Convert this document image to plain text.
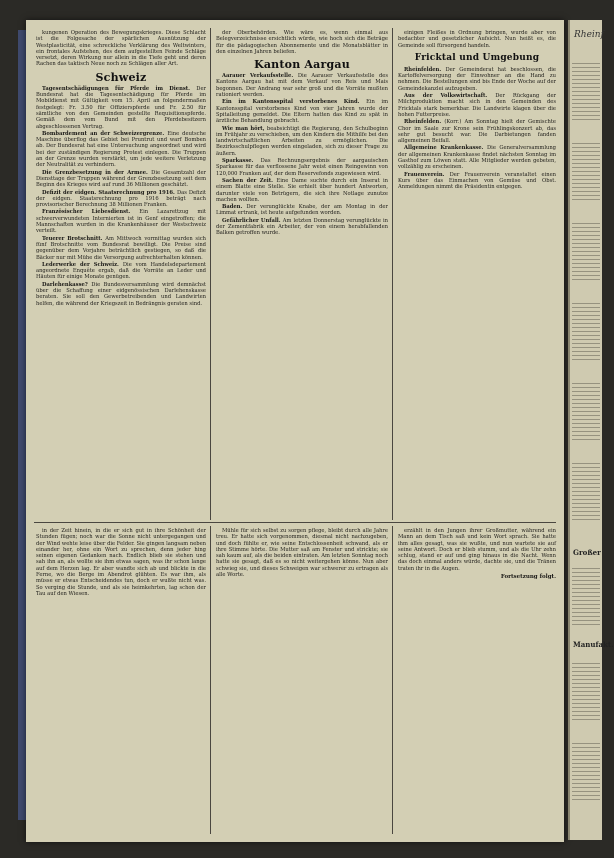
kungenen Operation des Bewegungskrieges. Diese Schlacht ist die Folgesache der spärlichen Ausnützung der Westplasticität, eine schreckliche Verklärung des Weltwinters, ein frontales Aufstehen, des dem aufgestellten Feinde Schläge versetzt, deren Wirkung nur allein in die Tiefe geht und deren Rachen das taktisch Neue noch zu Schlägen aller Art.

Schweiz

Tagesentschädigungen für Pferde im Dienst. Der Bundesrat hat die Tagesentschädigung für Pferde im Mobildienst mit Gültigkeit vom 15. April an folgendermaßen festgelegt: Fr. 3.50 für Offizierspferde und Fr. 2.50 für sämtliche von den Gemeinden gestellte Requisitionspferde. Gemäß dem vom Bund mit den Pferdebesitzern abgeschlossenen Vertrag.

Bombardement an der Schweizergrenze. Eine deutsche Maschine überflog das Gebiet bei Pruntrut und warf Bomben ab. Der Bundesrat hat eine Untersuchung angeordnet und wird bei der zuständigen Regierung Protest einlegen. Die Truppen an der Grenze wurden verstärkt, um jede weitere Verletzung der Neutralität zu verhindern.

Die Grenzbesetzung in der Armee. Die Gesamtzahl der Diensttage der Truppen während der Grenzbesetzung seit dem Beginn des Krieges wird auf rund 36 Millionen geschätzt.

Defizit der eidgen. Staatsrechnung pro 1916. Das Defizit der eidgen. Staatsrechnung pro 1916 beträgt nach provisorischer Berechnung 38 Millionen Franken.

Französischer Liebesdienst. Ein Lazarettzug mit schwerverwundeten Internierten ist in Genf eingetroffen; die Mannschaften wurden in die Krankenhäuser der Westschweiz verteilt.

Teuerer Brotschnitt. Am Mittwoch vormittag wurden sich fünf Brotschnitte vom Bundesrat bewilligt. Die Preise sind gegenüber dem Vorjahre beträchtlich gestiegen, so daß die Bäcker nur mit Mühe die Versorgung aufrechterhalten können.

Lederwerke der Schweiz. Die vom Handelsdepartement angeordnete Enquête ergab, daß die Vorräte an Leder und Häuten für einige Monate genügen.

Darlehenkasse? Die Bundesversammlung wird demnächst über die Schaffung einer eidgenössischen Darlehenskasse beraten. Sie soll den Gewerbetreibenden und Landwirten helfen, die während der Kriegszeit in Bedrängnis geraten sind.

der Oberbehörden. Wie wäre es, wenn einmal aus Belegverzeichnisse ersichtlich würde, wie hoch sich die Beträge für die pädagogischen Abonnemente und die Monatsblätter in den einzelnen Jahren beliefen.

Kanton Aargau

Aarauer Verkaufsstelle. Die Aarauer Verkaufsstelle des Kantons Aargau hat mit dem Verkauf von Reis und Mais begonnen. Der Andrang war sehr groß und die Vorräte mußten rationiert werden.

Ein im Kantonsspital verstorbenes Kind. Ein im Kantonsspital verstorbenes Kind von vier Jahren wurde der Spitalleitung gemeldet. Die Eltern hatten das Kind zu spät in ärztliche Behandlung gebracht.

Wie man hört, beabsichtigt die Regierung, den Schulbeginn im Frühjahr zu verschieben, um den Kindern die Mithilfe bei den landwirtschaftlichen Arbeiten zu ermöglichen. Die Bezirksschulpflegen werden eingeladen, sich zu dieser Frage zu äußern.

Sparkasse. Das Rechnungsergebnis der aargauischen Sparkasse für das verflossene Jahr weist einen Reingewinn von 120,000 Franken auf, der dem Reservefonds zugewiesen wird.

Sachen der Zeit. Eine Dame suchte durch ein Inserat in einem Blatte eine Stelle. Sie erhielt über hundert Antworten, darunter viele von Betrügern, die sich ihre Notlage zunutze machen wollten.

Baden. Der verunglückte Knabe, der am Montag in der Limmat ertrank, ist heute aufgefunden worden.

Gefährlicher Unfall. Am letzten Donnerstag verunglückte in der Zementfabrik ein Arbeiter, der von einem herabfallenden Balken getroffen wurde.

einigen Fleißes in Ordnung bringen, wurde aber von bedachter und gesetzlicher Aufsicht. Nun heißt es, die Gemeinde soll fürsorgend handeln.

Fricktal und Umgebung

Rheinfelden. Der Gemeinderat hat beschlossen, die Kartoffelversorgung der Einwohner an die Hand zu nehmen. Die Bestellungen sind bis Ende der Woche auf der Gemeindekanzlei aufzugeben.

Aus der Volkswirtschaft. Der Rückgang der Milchproduktion macht sich in den Gemeinden des Fricktals stark bemerkbar. Die Landwirte klagen über die hohen Futterpreise.

Rheinfelden. (Korr.) Am Sonntag hielt der Gemischte Chor im Saale zur Krone sein Frühlingskonzert ab, das sehr gut besucht war. Die Darbietungen fanden allgemeinen Beifall.

Allgemeine Krankenkasse. Die Generalversammlung der allgemeinen Krankenkasse findet nächsten Sonntag im Gasthof zum Löwen statt. Alle Mitglieder werden gebeten, vollzählig zu erscheinen.

Frauenverein. Der Frauenverein veranstaltet einen Kurs über das Einmachen von Gemüse und Obst. Anmeldungen nimmt die Präsidentin entgegen.

in der Zeit hinein, in die er sich gut in ihre Schönheit der Stunden fügen; noch war die Sonne nicht untergegangen und der Wind wehte leise über die Felder. Sie gingen langsam neben einander her, ohne ein Wort zu sprechen, denn jeder hing seinen eigenen Gedanken nach. Endlich blieb sie stehen und sah ihn an, als wollte sie ihm etwas sagen, was ihr schon lange auf dem Herzen lag. Er aber wandte sich ab und blickte in die Ferne, wo die Berge im Abendrot glühten. Es war ihm, als müsse er etwas Entscheidendes tun, doch er wußte nicht was. So verging die Stunde, und als sie heimkehrten, lag schon der Tau auf den Wiesen.

Mühle für sich selbst zu sorgen pflege, bleibt durch alle Jahre treu. Er hatte sich vorgenommen, diesmal nicht nachzugeben, und doch fühlte er, wie seine Entschlossenheit schwand, als er ihre Stimme hörte. Die Mutter saß am Fenster und strickte; sie sah kaum auf, als die beiden eintraten. Am letzten Sonntag noch hatte sie gesagt, daß es so nicht weitergehen könne. Nun aber schwieg sie, und dieses Schweigen war schwerer zu ertragen als alle Worte.

erzählt in den Jungen ihrer Großmutter, während ein Mann an dem Tisch saß und kein Wort sprach. Sie hatte ihm alles gesagt, was sie wußte, und nun wartete sie auf seine Antwort. Doch er blieb stumm, und als die Uhr zehn schlug, stand er auf und ging hinaus in die Nacht. Wenn das doch einmal anders würde, dachte sie, und die Tränen traten ihr in die Augen.

Fortsetzung folgt.
Rheinf
Großer
Manufakt.
